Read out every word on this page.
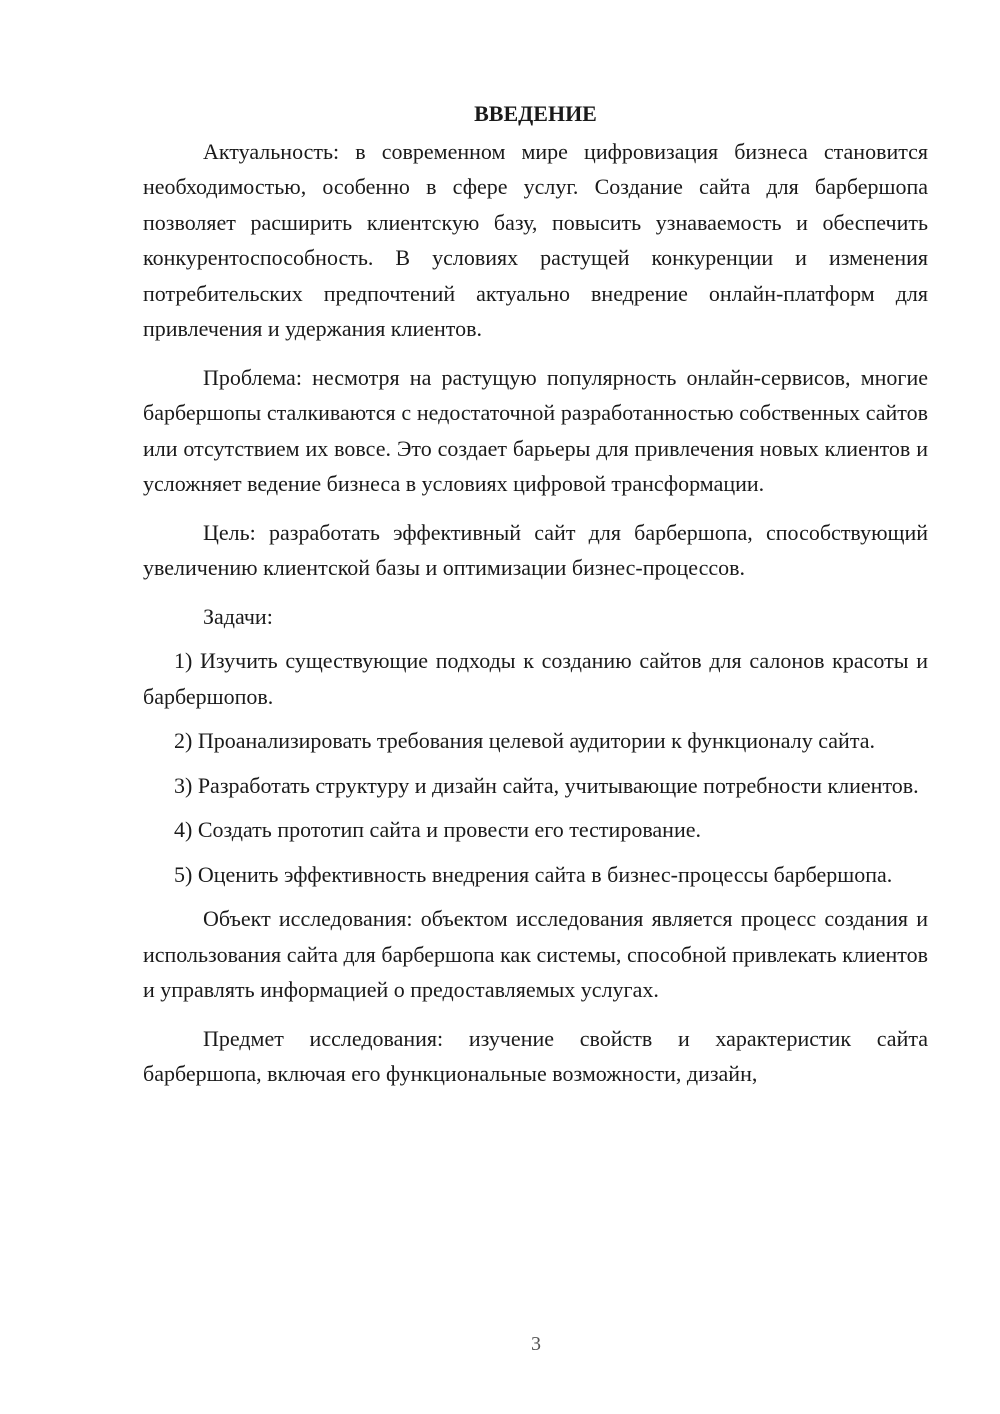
ВВЕДЕНИЕ

Актуальность: в современном мире цифровизация бизнеса становится необходимостью, особенно в сфере услуг. Создание сайта для барбершопа позволяет расширить клиентскую базу, повысить узнаваемость и обеспечить конкурентоспособность. В условиях растущей конкуренции и изменения потребительских предпочтений актуально внедрение онлайн-платформ для привлечения и удержания клиентов.

Проблема: несмотря на растущую популярность онлайн-сервисов, многие барбершопы сталкиваются с недостаточной разработанностью собственных сайтов или отсутствием их вовсе. Это создает барьеры для привлечения новых клиентов и усложняет ведение бизнеса в условиях цифровой трансформации.

Цель: разработать эффективный сайт для барбершопа, способствующий увеличению клиентской базы и оптимизации бизнес-процессов.

Задачи:

1) Изучить существующие подходы к созданию сайтов для салонов красоты и барбершопов.

2) Проанализировать требования целевой аудитории к функционалу сайта.

3) Разработать структуру и дизайн сайта, учитывающие потребности клиентов.

4) Создать прототип сайта и провести его тестирование.

5) Оценить эффективность внедрения сайта в бизнес-процессы барбершопа.

Объект исследования: объектом исследования является процесс создания и использования сайта для барбершопа как системы, способной привлекать клиентов и управлять информацией о предоставляемых услугах.

Предмет исследования: изучение свойств и характеристик сайта барбершопа, включая его функциональные возможности, дизайн,

3
